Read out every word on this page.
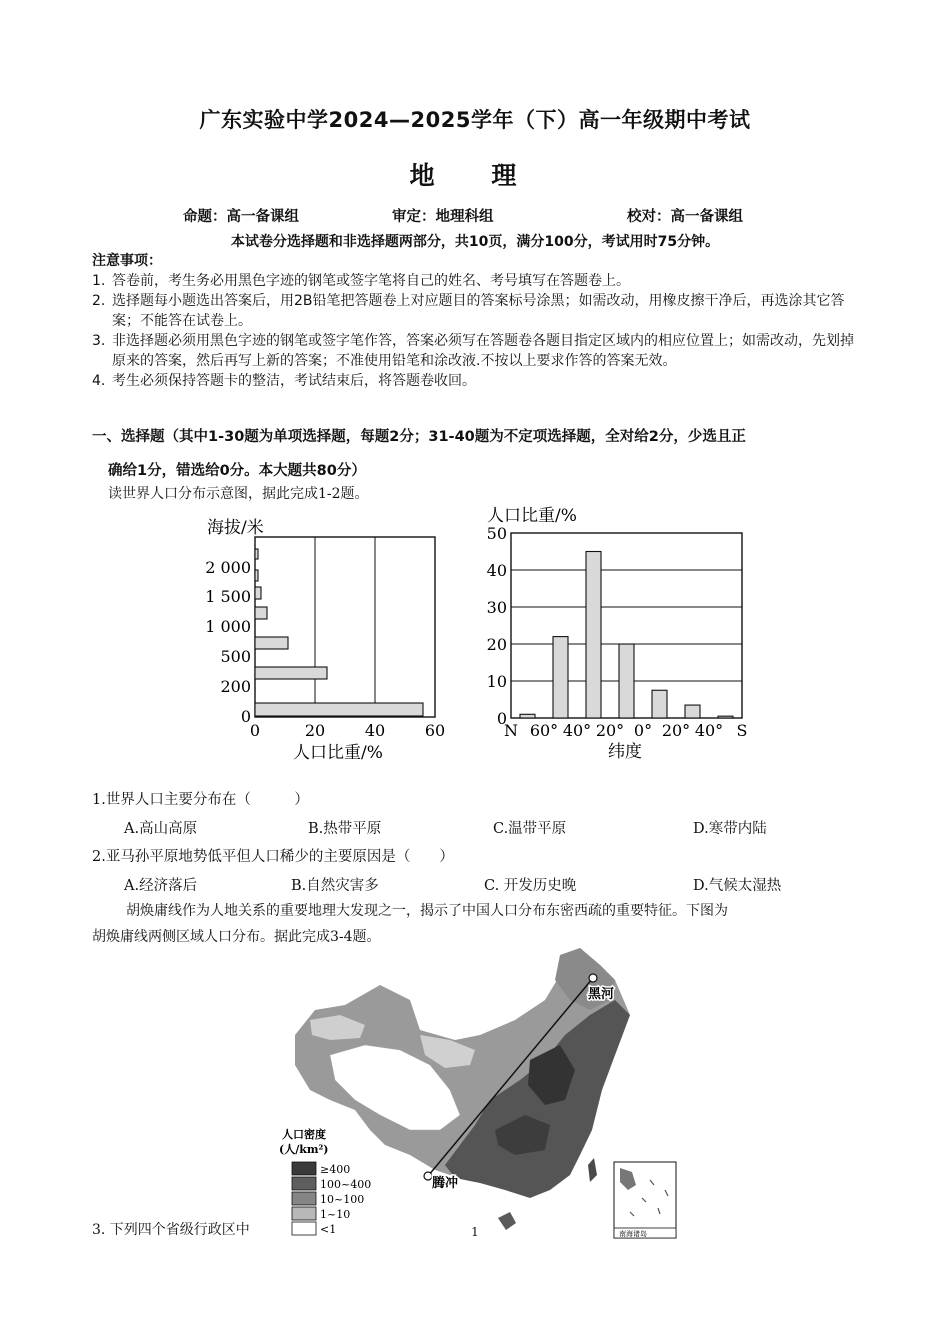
广东实验中学2024—2025学年（下）高一年级期中考试
地 理
命题：高一备课组	审定：地理科组	校对：高一备课组
本试卷分选择题和非选择题两部分，共10页，满分100分，考试用时75分钟。
注意事项：
1. 答卷前，考生务必用黑色字迹的钢笔或签字笔将自己的姓名、考号填写在答题卷上。
2. 选择题每小题选出答案后，用2B铅笔把答题卷上对应题目的答案标号涂黑；如需改动，用橡皮擦干净后，再选涂其它答案；不能答在试卷上。
3. 非选择题必须用黑色字迹的钢笔或签字笔作答，答案必须写在答题卷各题目指定区域内的相应位置上；如需改动，先划掉原来的答案，然后再写上新的答案；不准使用铅笔和涂改液.不按以上要求作答的答案无效。
4. 考生必须保持答题卡的整洁，考试结束后，将答题卷收回。
一、选择题（其中1-30题为单项选择题，每题2分；31-40题为不定项选择题，全对给2分，少选且正
确给1分，错选给0分。本大题共80分）
读世界人口分布示意图，据此完成1-2题。
海拔/米
0
200
500
1 000
1 500
2 000
0	20 40 60
人口比重/%
人口比重/%
0
10
20
30
40
50
N 60° 40° 20° 0° 20° 40° S
纬度
1.世界人口主要分布在（　　　）
A.高山高原	B.热带平原	C.温带平原	D.寒带内陆
2.亚马孙平原地势低平但人口稀少的主要原因是（　　）
A.经济落后	B.自然灾害多	C. 开发历史晚	D.气候太湿热
胡焕庸线作为人地关系的重要地理大发现之一，揭示了中国人口分布东密西疏的重要特征。下图为
胡焕庸线两侧区域人口分布。据此完成3-4题。
黑河
腾冲
南海诸岛
人口密度
(人/km²)
≥400
100~400
10~100
1~10
<1
3. 下列四个省级行政区中	1
